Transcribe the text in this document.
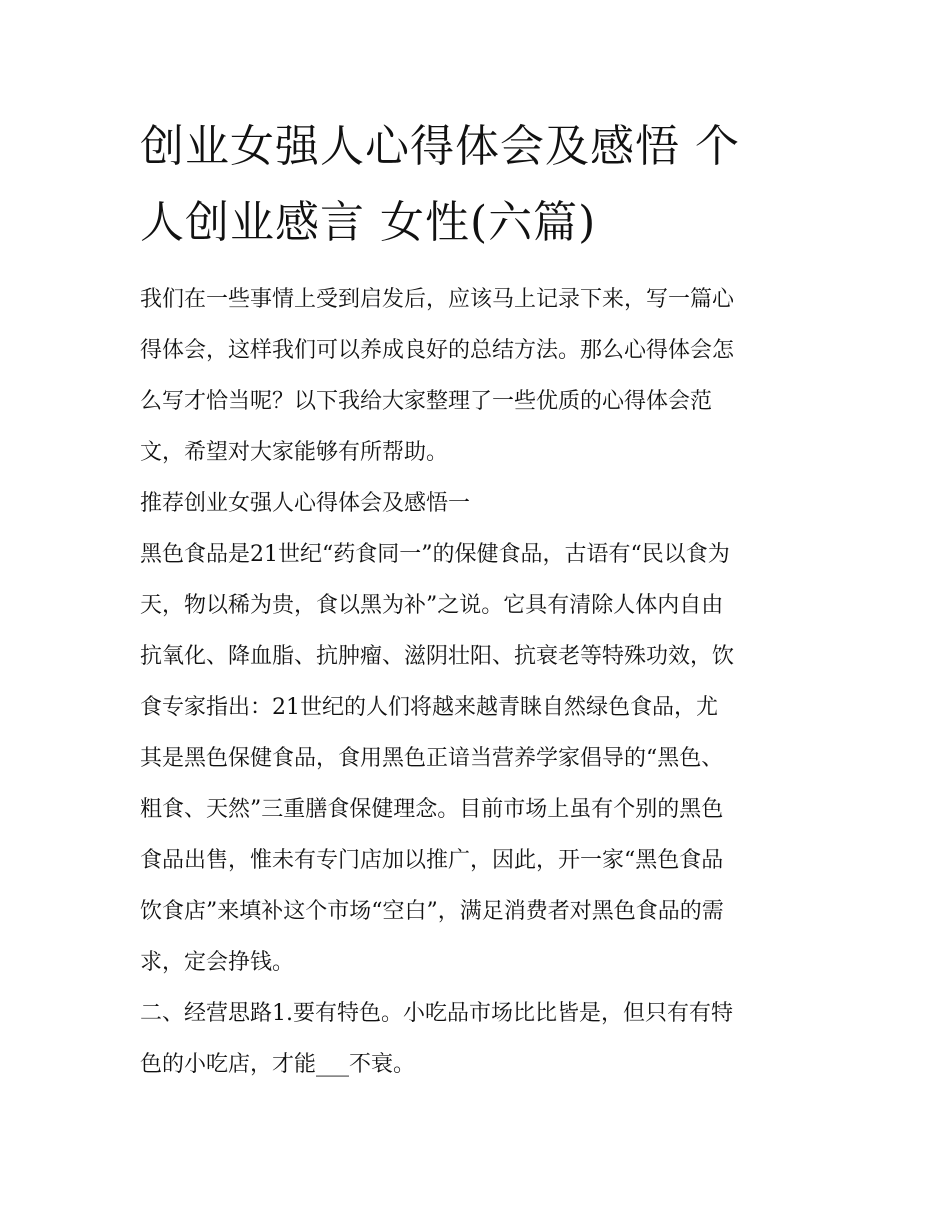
创业女强人心得体会及感悟 个
人创业感言 女性(六篇)
我们在一些事情上受到启发后，应该马上记录下来，写一篇心
得体会，这样我们可以养成良好的总结方法。那么心得体会怎
么写才恰当呢？以下我给大家整理了一些优质的心得体会范
文，希望对大家能够有所帮助。
推荐创业女强人心得体会及感悟一
黑色食品是21世纪“药食同一”的保健食品，古语有“民以食为
天，物以稀为贵，食以黑为补”之说。它具有清除人体内自由
抗氧化、降血脂、抗肿瘤、滋阴壮阳、抗衰老等特殊功效，饮
食专家指出：21世纪的人们将越来越青睐自然绿色食品，尤
其是黑色保健食品，食用黑色正谙当营养学家倡导的“黑色、
粗食、天然”三重膳食保健理念。目前市场上虽有个别的黑色
食品出售，惟未有专门店加以推广，因此，开一家“黑色食品
饮食店”来填补这个市场“空白”，满足消费者对黑色食品的需
求，定会挣钱。
二、经营思路1.要有特色。小吃品市场比比皆是，但只有有特
色的小吃店，才能___不衰。
